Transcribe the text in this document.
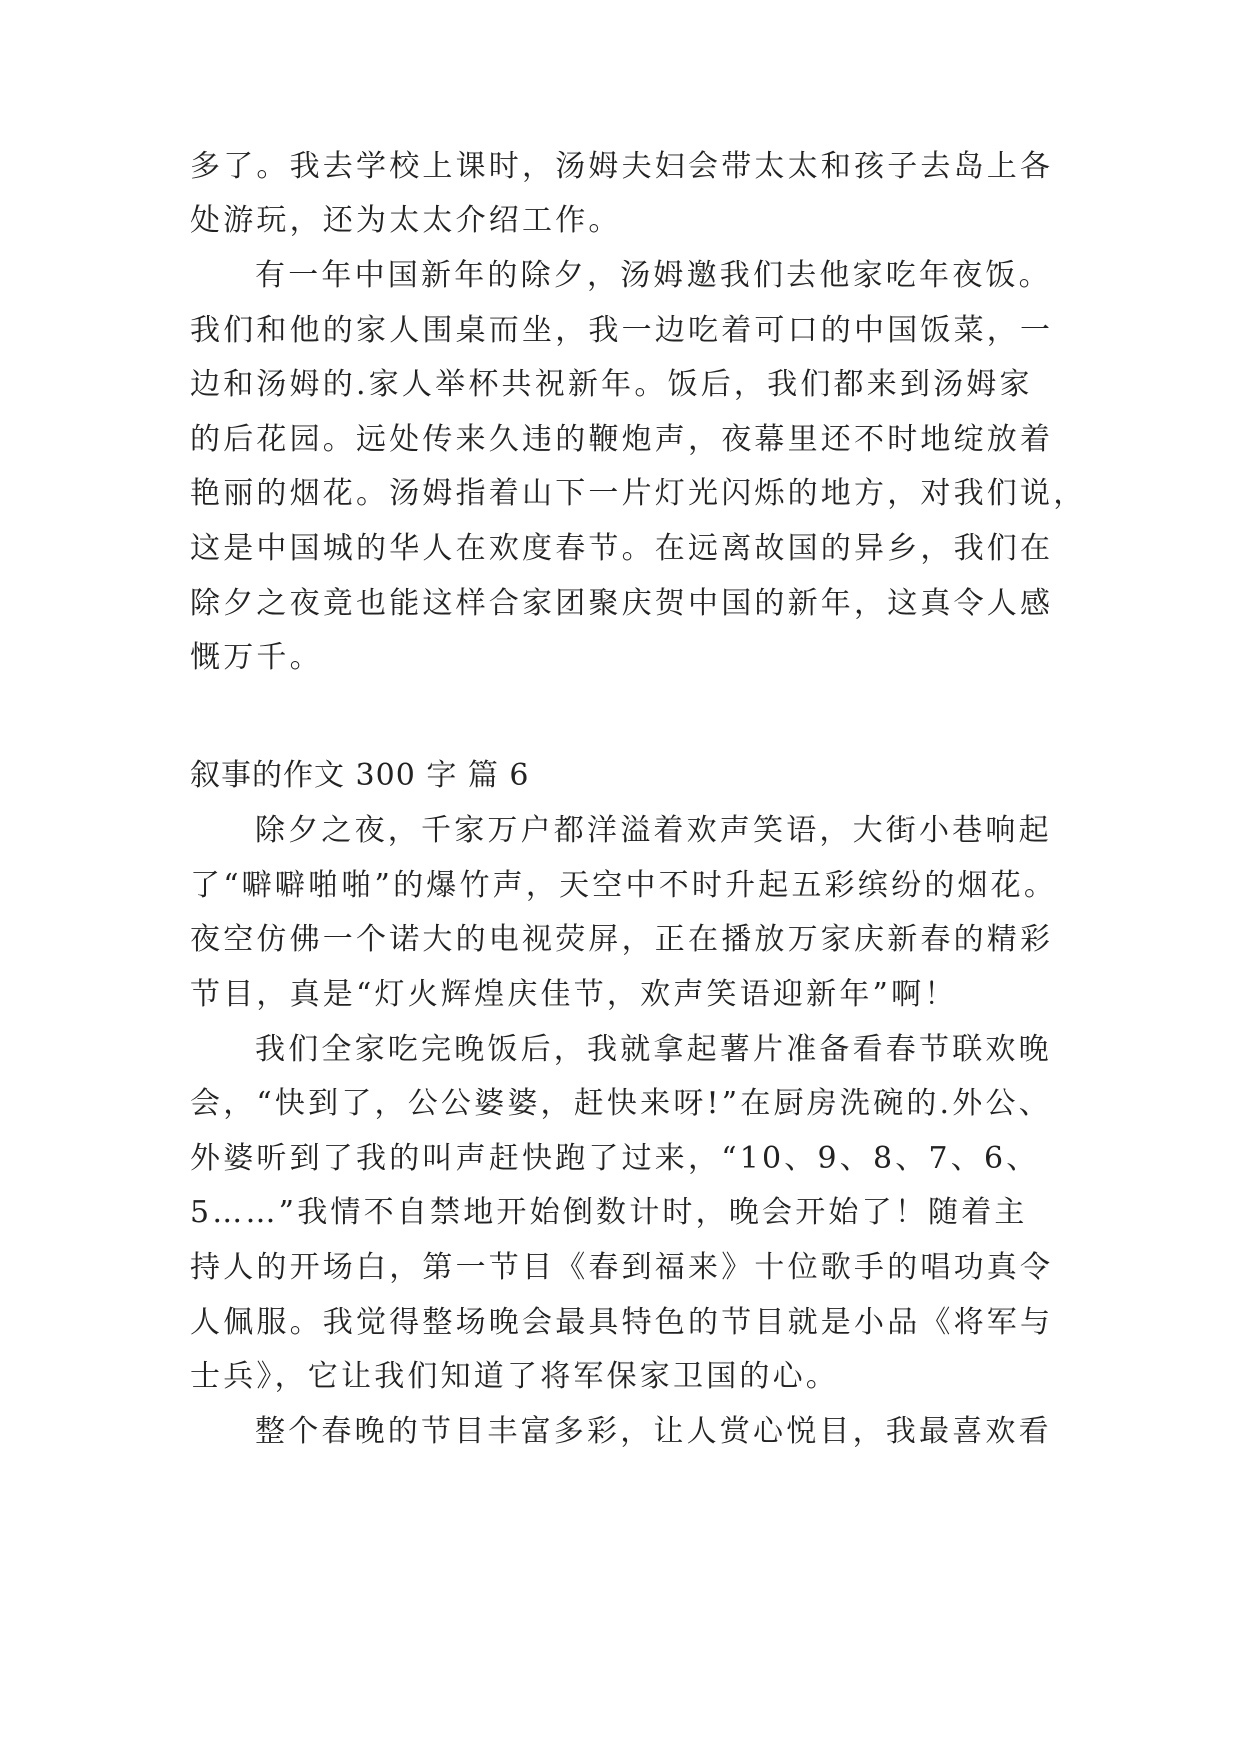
多了。我去学校上课时，汤姆夫妇会带太太和孩子去岛上各

处游玩，还为太太介绍工作。

有一年中国新年的除夕，汤姆邀我们去他家吃年夜饭。

我们和他的家人围桌而坐，我一边吃着可口的中国饭菜，一

边和汤姆的.家人举杯共祝新年。饭后，我们都来到汤姆家

的后花园。远处传来久违的鞭炮声，夜幕里还不时地绽放着

艳丽的烟花。汤姆指着山下一片灯光闪烁的地方，对我们说，

这是中国城的华人在欢度春节。在远离故国的异乡，我们在

除夕之夜竟也能这样合家团聚庆贺中国的新年，这真令人感

慨万千。

叙事的作文 300 字 篇 6

除夕之夜，千家万户都洋溢着欢声笑语，大街小巷响起

了“噼噼啪啪”的爆竹声，天空中不时升起五彩缤纷的烟花。

夜空仿佛一个诺大的电视荧屏，正在播放万家庆新春的精彩

节目，真是“灯火辉煌庆佳节，欢声笑语迎新年”啊！

我们全家吃完晚饭后，我就拿起薯片准备看春节联欢晚

会，“快到了，公公婆婆，赶快来呀!”在厨房洗碗的.外公、

外婆听到了我的叫声赶快跑了过来，“10、9、8、7、6、

5……”我情不自禁地开始倒数计时，晚会开始了！随着主

持人的开场白，第一节目《春到福来》十位歌手的唱功真令

人佩服。我觉得整场晚会最具特色的节目就是小品《将军与

士兵》，它让我们知道了将军保家卫国的心。

整个春晚的节目丰富多彩，让人赏心悦目，我最喜欢看
